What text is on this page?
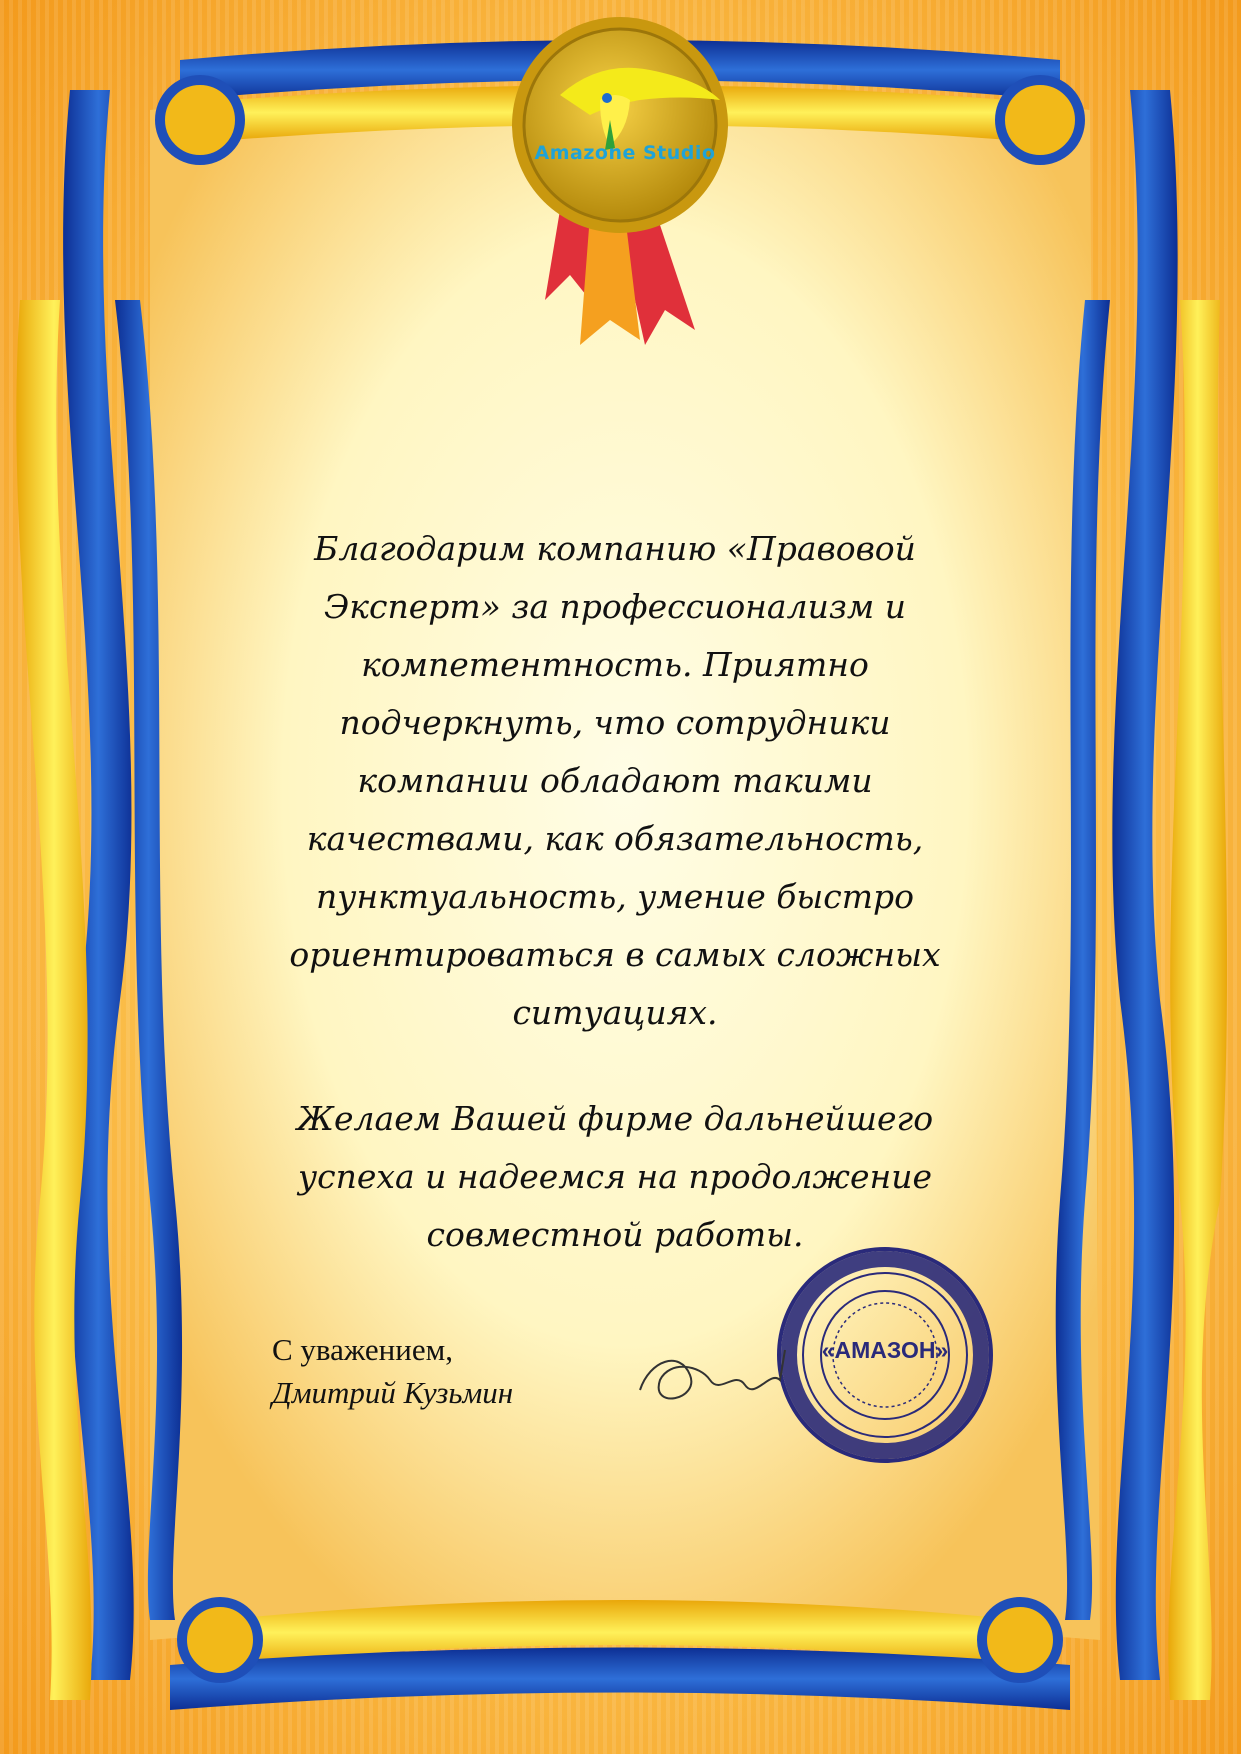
Amazone Studio

Благодарим компанию «Правовой Эксперт» за профессионализм и компетентность. Приятно подчеркнуть, что сотрудники компании обладают такими качествами, как обязательность, пунктуальность, умение быстро ориентироваться в самых сложных ситуациях.

Желаем Вашей фирме дальнейшего успеха и надеемся на продолжение совместной работы.

С уважением,

Дмитрий Кузьмин

«АМАЗОН»
